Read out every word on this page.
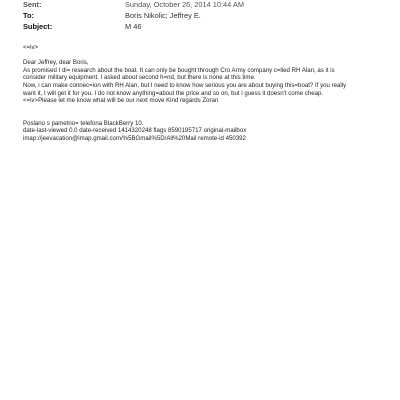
Sent:	Sunday, October 26, 2014 10:44 AM
To:	Boris Nikolic; Jeffrey E.
Subject:	M 46
<=iv>
Dear Jeffrey, dear Boris,
As promised I di= research about the boat. It can only be bought through Cro Army company c=lled RH Alan, as it is
consider military equipment. I asked about second h=nd, but there is none at this time.
Now, i can make connec=ion with RH Alan, but I need to know how serious you are about buying this=boat? If you really
want it, I will get it for you. I do not know anything=about the price and so on, but i guess it doesn't come cheap.
<=iv>Please let me know what will be our next move Kind regards Zoran
Poslano s pametno= telefona BlackBerry 10.
date-last-viewed 0.0 date-received 1414320248 flags 8590195717 original-mailbox
imap://jeevacation@imap.gmail.com/%5BGmail%5D/All%20Mail remote-id 450392
